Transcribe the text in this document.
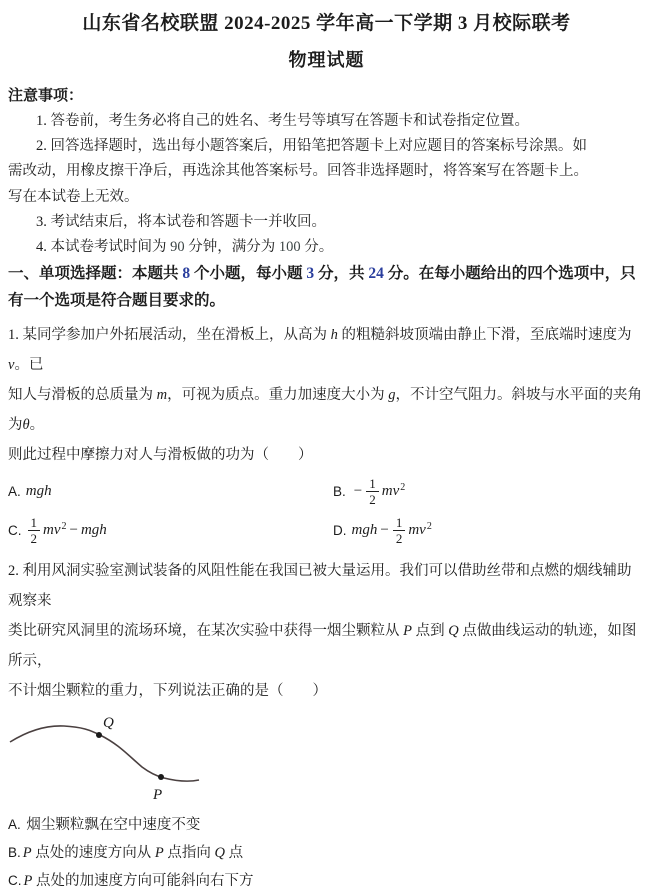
山东省名校联盟 2024-2025 学年高一下学期 3 月校际联考
物理试题
注意事项：
1. 答卷前，考生务必将自己的姓名、考生号等填写在答题卡和试卷指定位置。
2. 回答选择题时，选出每小题答案后，用铅笔把答题卡上对应题目的答案标号涂黑。如
需改动，用橡皮擦干净后，再选涂其他答案标号。回答非选择题时，将答案写在答题卡上。
写在本试卷上无效。
3. 考试结束后，将本试卷和答题卡一并收回。
4. 本试卷考试时间为 90 分钟，满分为 100 分。
一、单项选择题：本题共 8 个小题，每小题 3 分，共 24 分。在每小题给出的四个选项中，只
有一个选项是符合题目要求的。
1. 某同学参加户外拓展活动，坐在滑板上，从高为 h 的粗糙斜坡顶端由静止下滑，至底端时速度为 v。已
知人与滑板的总质量为 m，可视为质点。重力加速度大小为 g，不计空气阻力。斜坡与水平面的夹角为θ。
则此过程中摩擦力对人与滑板做的功为（　　）
A. mgh	B. − $\frac{1}{2}$ mv 2
C. $\frac{1}{2}$ mv 2 − mgh	D. mgh − $\frac{1}{2}$ mv 2
2. 利用风洞实验室测试装备的风阻性能在我国已被大量运用。我们可以借助丝带和点燃的烟线辅助观察来
类比研究风洞里的流场环境，在某次实验中获得一烟尘颗粒从 P 点到 Q 点做曲线运动的轨迹，如图所示，
不计烟尘颗粒的重力，下列说法正确的是（　　）
Q
P
A. 烟尘颗粒飘在空中速度不变
B. P 点处的速度方向从 P 点指向 Q 点
C. P 点处的加速度方向可能斜向右下方
